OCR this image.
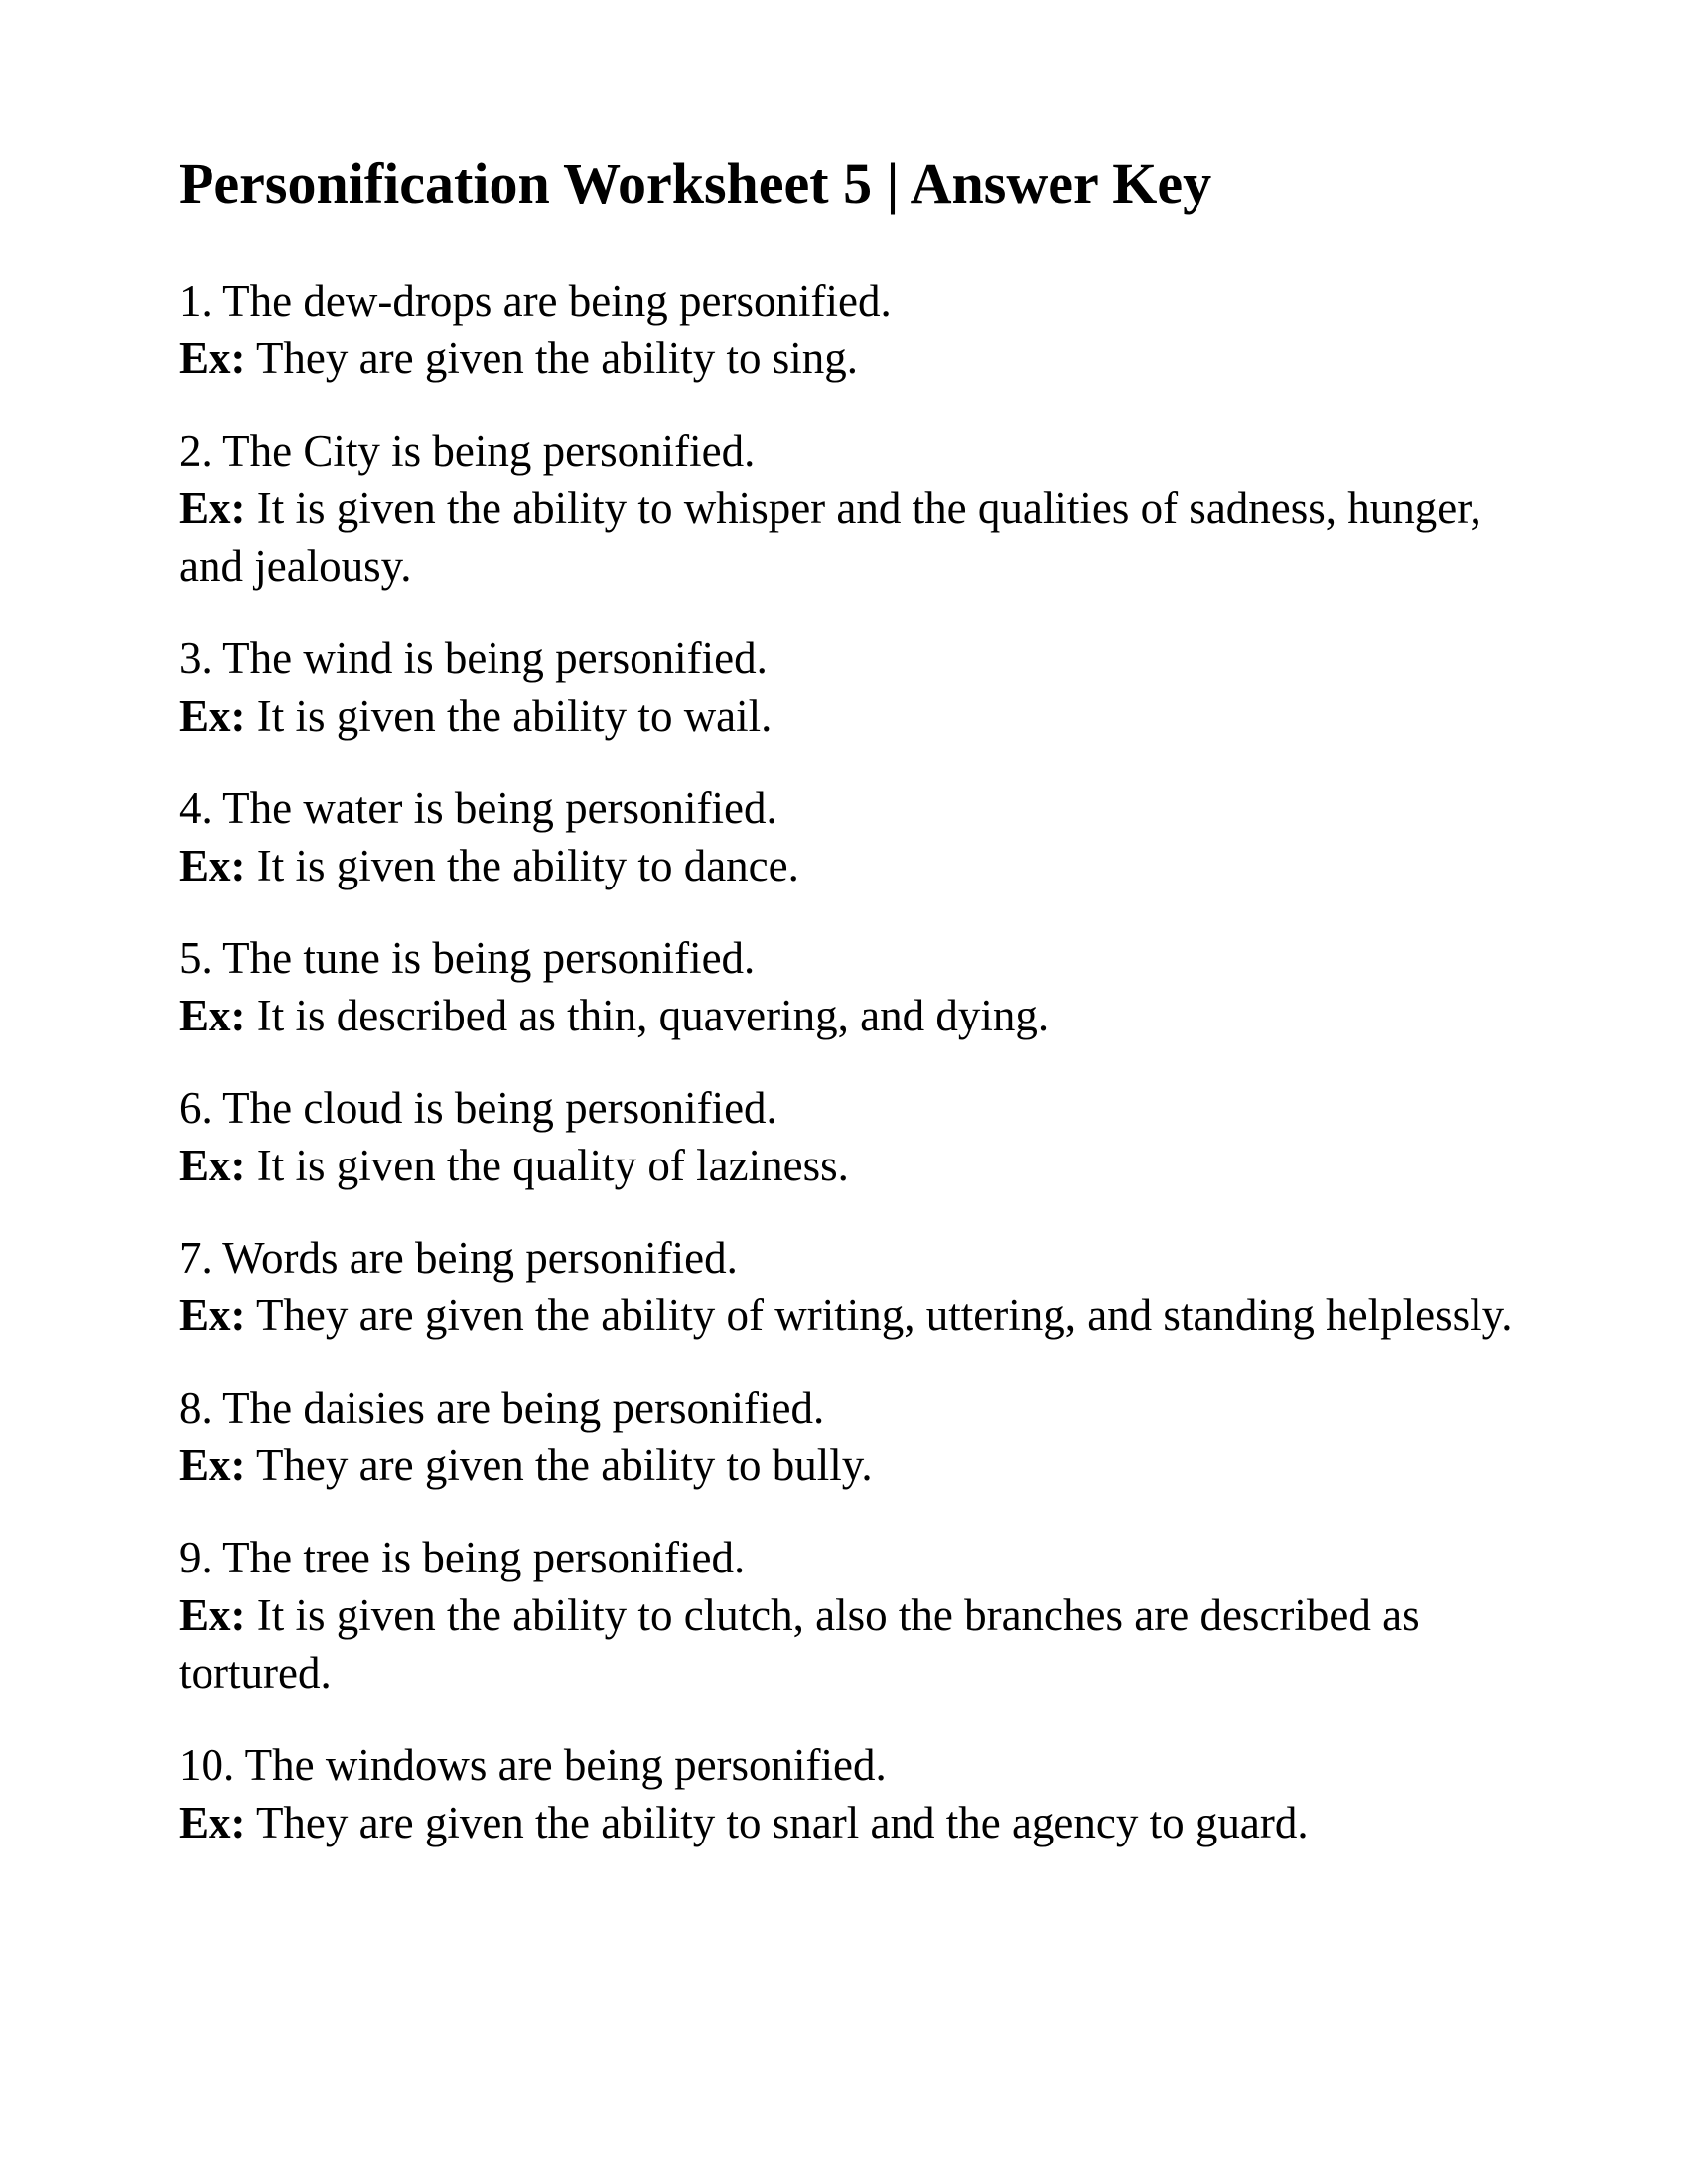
Personification Worksheet 5 | Answer Key
1. The dew-drops are being personified.
Ex: They are given the ability to sing.
2. The City is being personified.
Ex: It is given the ability to whisper and the qualities of sadness, hunger, and jealousy.
3. The wind is being personified.
Ex: It is given the ability to wail.
4. The water is being personified.
Ex: It is given the ability to dance.
5. The tune is being personified.
Ex: It is described as thin, quavering, and dying.
6. The cloud is being personified.
Ex: It is given the quality of laziness.
7. Words are being personified.
Ex: They are given the ability of writing, uttering, and standing helplessly.
8. The daisies are being personified.
Ex: They are given the ability to bully.
9. The tree is being personified.
Ex: It is given the ability to clutch, also the branches are described as tortured.
10. The windows are being personified.
Ex: They are given the ability to snarl and the agency to guard.
